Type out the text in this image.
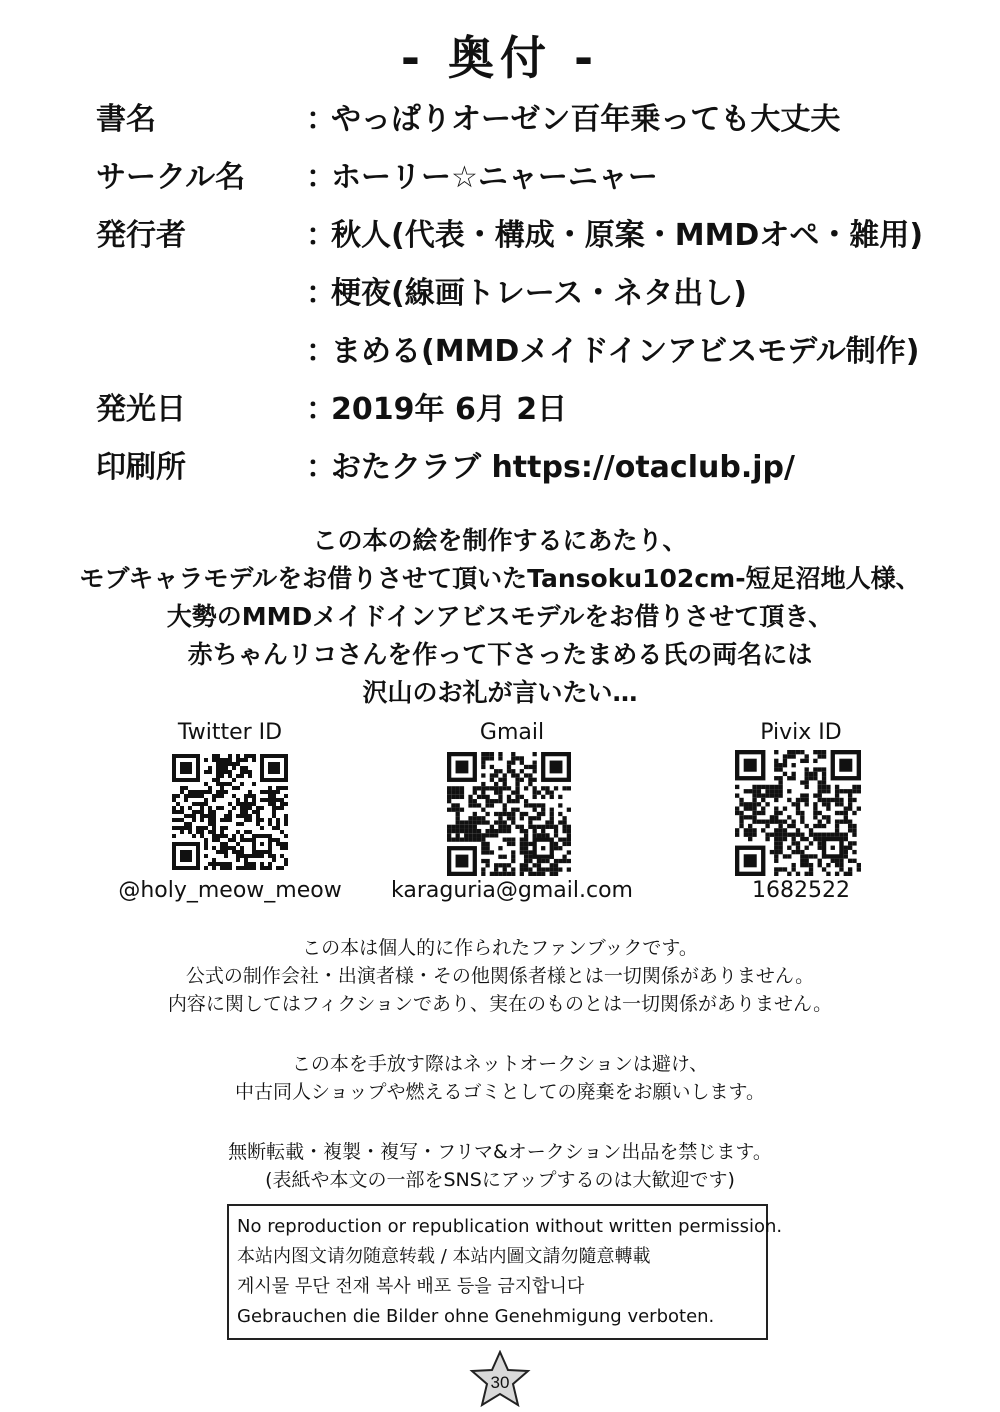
- 奥付 -
書名	：
やっぱりオーゼン百年乗っても大丈夫
サークル名 ：
ホーリー☆ニャーニャー
発行者	：
秋人(代表・構成・原案・MMDオペ・雑用)
：
梗夜(線画トレース・ネタ出し)
：
まめる(MMDメイドインアビスモデル制作)
発光日	：
2019年 6月 2日
印刷所	：
おたクラブ https://otaclub.jp/
この本の絵を制作するにあたり、
モブキャラモデルをお借りさせて頂いたTansoku102cm-短足沼地人様、
大勢のMMDメイドインアビスモデルをお借りさせて頂き、
赤ちゃんリコさんを作って下さったまめる氏の両名には
沢山のお礼が言いたい…
Twitter ID	Gmail	Pivix ID
@holy_meow_meow	karaguria@gmail.com	1682522
この本は個人的に作られたファンブックです。
公式の制作会社・出演者様・その他関係者様とは一切関係がありません。
内容に関してはフィクションであり、実在のものとは一切関係がありません。
この本を手放す際はネットオークションは避け、
中古同人ショップや燃えるゴミとしての廃棄をお願いします。
無断転載・複製・複写・フリマ&オークション出品を禁じます。
(表紙や本文の一部をSNSにアップするのは大歓迎です)
No reproduction or republication without written permission.
本站内图文请勿随意转载 / 本站内圖文請勿隨意轉載
게시물 무단 전재 복사 배포 등을 금지합니다
Gebrauchen die Bilder ohne Genehmigung verboten.
30
